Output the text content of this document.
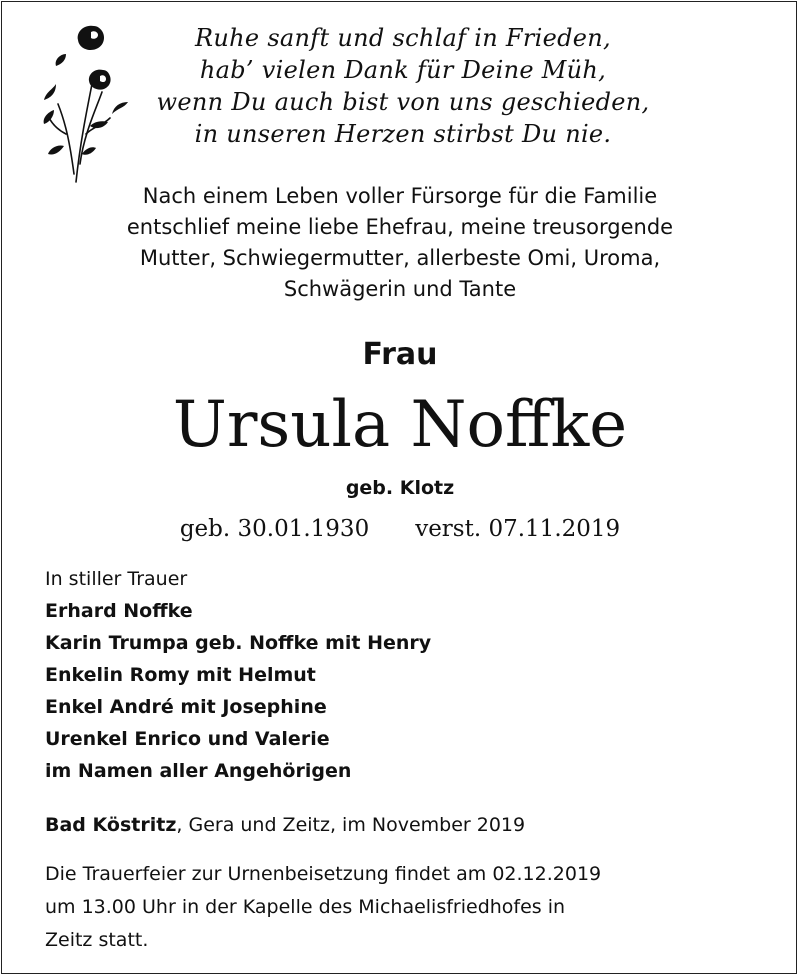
Ruhe sanft und schlaf in Frieden,
hab’ vielen Dank für Deine Müh,
wenn Du auch bist von uns geschieden,
in unseren Herzen stirbst Du nie.
Nach einem Leben voller Fürsorge für die Familie
entschlief meine liebe Ehefrau, meine treusorgende
Mutter, Schwiegermutter, allerbeste Omi, Uroma,
Schwägerin und Tante
Frau
Ursula Noffke
geb. Klotz
geb. 30.01.1930 verst. 07.11.2019
In stiller Trauer
Erhard Noffke
Karin Trumpa geb. Noffke mit Henry
Enkelin Romy mit Helmut
Enkel André mit Josephine
Urenkel Enrico und Valerie
im Namen aller Angehörigen
Bad Köstritz, Gera und Zeitz, im November 2019
Die Trauerfeier zur Urnenbeisetzung findet am 02.12.2019
um 13.00 Uhr in der Kapelle des Michaelisfriedhofes in
Zeitz statt.
